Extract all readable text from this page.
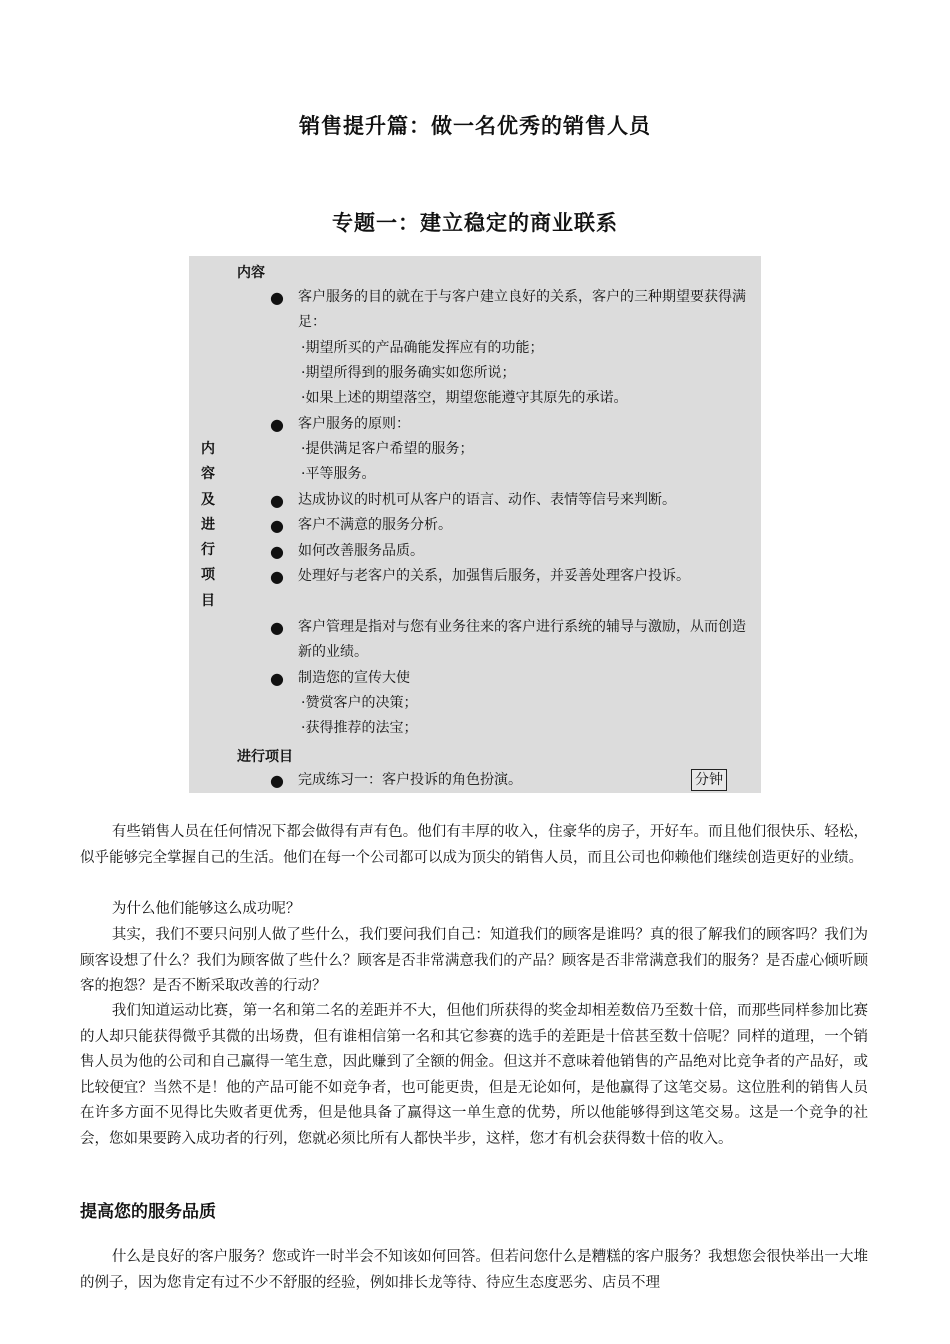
销售提升篇：做一名优秀的销售人员
专题一：建立稳定的商业联系
内
容
及
进
行
项
目
内容
●	客户服务的目的就在于与客户建立良好的关系，客户的三种期望要获得满足：
·期望所买的产品确能发挥应有的功能；
·期望所得到的服务确实如您所说；
·如果上述的期望落空，期望您能遵守其原先的承诺。
●	客户服务的原则：
·提供满足客户希望的服务；
·平等服务。
●	达成协议的时机可从客户的语言、动作、表情等信号来判断。
●	客户不满意的服务分析。
●	如何改善服务品质。
●	处理好与老客户的关系，加强售后服务，并妥善处理客户投诉。
●	客户管理是指对与您有业务往来的客户进行系统的辅导与激励，从而创造新的业绩。
●	制造您的宣传大使
·赞赏客户的决策；
·获得推荐的法宝；
进行项目
●	完成练习一：客户投诉的角色扮演。	分钟
有些销售人员在任何情况下都会做得有声有色。他们有丰厚的收入，住豪华的房子，开好车。而且他们很快乐、轻松，似乎能够完全掌握自己的生活。他们在每一个公司都可以成为顶尖的销售人员，而且公司也仰赖他们继续创造更好的业绩。
为什么他们能够这么成功呢？
其实，我们不要只问别人做了些什么，我们要问我们自己：知道我们的顾客是谁吗？真的很了解我们的顾客吗？我们为顾客设想了什么？我们为顾客做了些什么？顾客是否非常满意我们的产品？顾客是否非常满意我们的服务？是否虚心倾听顾客的抱怨？是否不断采取改善的行动？
我们知道运动比赛，第一名和第二名的差距并不大，但他们所获得的奖金却相差数倍乃至数十倍，而那些同样参加比赛的人却只能获得微乎其微的出场费，但有谁相信第一名和其它参赛的选手的差距是十倍甚至数十倍呢？同样的道理，一个销售人员为他的公司和自己赢得一笔生意，因此赚到了全额的佣金。但这并不意味着他销售的产品绝对比竞争者的产品好，或比较便宜？当然不是！他的产品可能不如竞争者，也可能更贵，但是无论如何，是他赢得了这笔交易。这位胜利的销售人员在许多方面不见得比失败者更优秀，但是他具备了赢得这一单生意的优势，所以他能够得到这笔交易。这是一个竞争的社会，您如果要跨入成功者的行列，您就必须比所有人都快半步，这样，您才有机会获得数十倍的收入。
提高您的服务品质
什么是良好的客户服务？您或许一时半会不知该如何回答。但若问您什么是糟糕的客户服务？我想您会很快举出一大堆的例子，因为您肯定有过不少不舒服的经验，例如排长龙等待、待应生态度恶劣、店员不理
